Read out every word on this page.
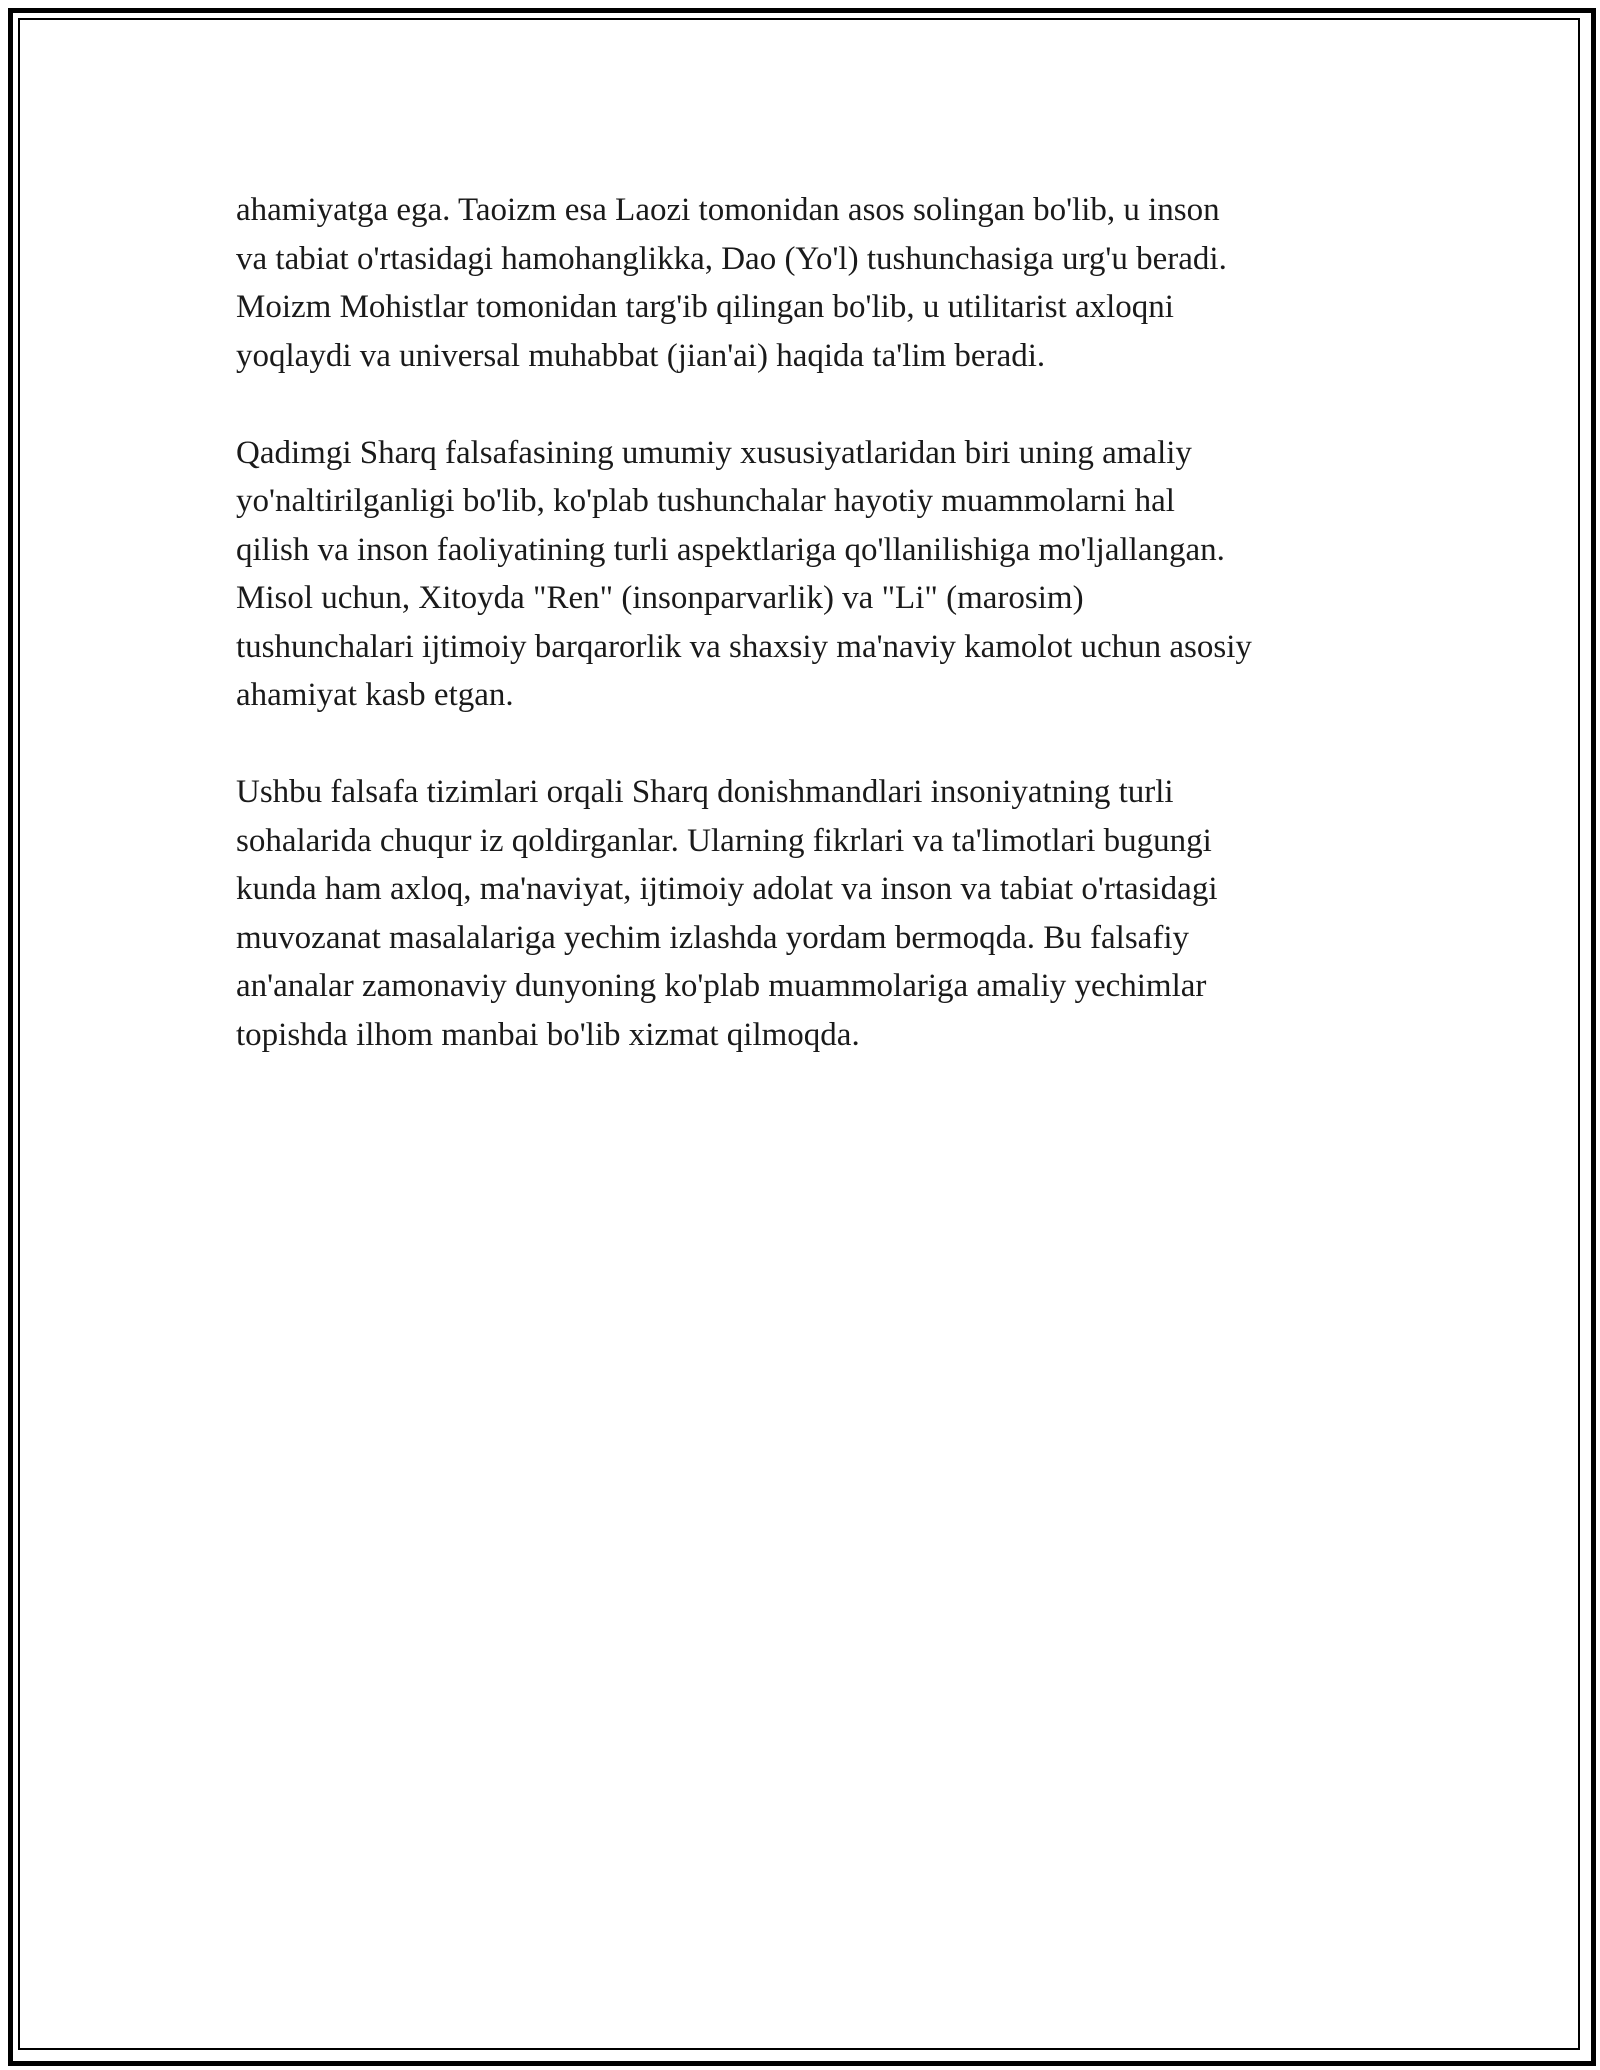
ahamiyatga ega. Taoizm esa Laozi tomonidan asos solingan bo'lib, u inson
va tabiat o'rtasidagi hamohanglikka, Dao (Yo'l) tushunchasiga urg'u beradi.
Moizm Mohistlar tomonidan targ'ib qilingan bo'lib, u utilitarist axloqni
yoqlaydi va universal muhabbat (jian'ai) haqida ta'lim beradi.

Qadimgi Sharq falsafasining umumiy xususiyatlaridan biri uning amaliy
yo'naltirilganligi bo'lib, ko'plab tushunchalar hayotiy muammolarni hal
qilish va inson faoliyatining turli aspektlariga qo'llanilishiga mo'ljallangan.
Misol uchun, Xitoyda "Ren" (insonparvarlik) va "Li" (marosim)
tushunchalari ijtimoiy barqarorlik va shaxsiy ma'naviy kamolot uchun asosiy
ahamiyat kasb etgan.

Ushbu falsafa tizimlari orqali Sharq donishmandlari insoniyatning turli
sohalarida chuqur iz qoldirganlar. Ularning fikrlari va ta'limotlari bugungi
kunda ham axloq, ma'naviyat, ijtimoiy adolat va inson va tabiat o'rtasidagi
muvozanat masalalariga yechim izlashda yordam bermoqda. Bu falsafiy
an'analar zamonaviy dunyoning ko'plab muammolariga amaliy yechimlar
topishda ilhom manbai bo'lib xizmat qilmoqda.
